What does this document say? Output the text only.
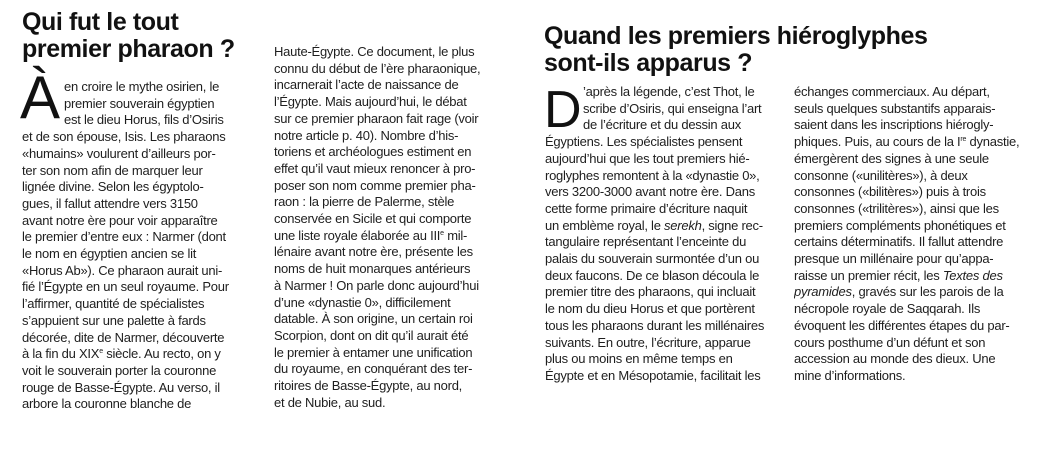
Qui fut le tout
premier pharaon ?
À en croire le mythe osirien, le
premier souverain égyptien
est le dieu Horus, fils d’Osiris
et de son épouse, Isis. Les pharaons
«humains» voulurent d’ailleurs por-
ter son nom afin de marquer leur
lignée divine. Selon les égyptolo-
gues, il fallut attendre vers 3150
avant notre ère pour voir apparaître
le premier d’entre eux : Narmer (dont
le nom en égyptien ancien se lit
«Horus Ab»). Ce pharaon aurait uni-
fié l’Égypte en un seul royaume. Pour
l’affirmer, quantité de spécialistes
s’appuient sur une palette à fards
décorée, dite de Narmer, découverte
à la fin du XIXe siècle. Au recto, on y
voit le souverain porter la couronne
rouge de Basse-Égypte. Au verso, il
arbore la couronne blanche de

Haute-Égypte. Ce document, le plus
connu du début de l’ère pharaonique,
incarnerait l’acte de naissance de
l’Égypte. Mais aujourd’hui, le débat
sur ce premier pharaon fait rage (voir
notre article p. 40). Nombre d’his-
toriens et archéologues estiment en
effet qu’il vaut mieux renoncer à pro-
poser son nom comme premier pha-
raon : la pierre de Palerme, stèle
conservée en Sicile et qui comporte
une liste royale élaborée au IIIe mil-
lénaire avant notre ère, présente les
noms de huit monarques antérieurs
à Narmer ! On parle donc aujourd’hui
d’une «dynastie 0», difficilement
datable. À son origine, un certain roi
Scorpion, dont on dit qu’il aurait été
le premier à entamer une unification
du royaume, en conquérant des ter-
ritoires de Basse-Égypte, au nord,
et de Nubie, au sud.

Quand les premiers hiéroglyphes
sont-ils apparus ?
D ’après la légende, c’est Thot, le
scribe d’Osiris, qui enseigna l’art
de l’écriture et du dessin aux
Égyptiens. Les spécialistes pensent
aujourd’hui que les tout premiers hié-
roglyphes remontent à la «dynastie 0»,
vers 3200-3000 avant notre ère. Dans
cette forme primaire d’écriture naquit
un emblème royal, le serekh, signe rec-
tangulaire représentant l’enceinte du
palais du souverain surmontée d’un ou
deux faucons. De ce blason découla le
premier titre des pharaons, qui incluait
le nom du dieu Horus et que portèrent
tous les pharaons durant les millénaires
suivants. En outre, l’écriture, apparue
plus ou moins en même temps en
Égypte et en Mésopotamie, facilitait les

échanges commerciaux. Au départ,
seuls quelques substantifs apparais-
saient dans les inscriptions hiérogly-
phiques. Puis, au cours de la Ire dynastie,
émergèrent des signes à une seule
consonne («unilitères»), à deux
consonnes («bilitères») puis à trois
consonnes («trilitères»), ainsi que les
premiers compléments phonétiques et
certains déterminatifs. Il fallut attendre
presque un millénaire pour qu’appa-
raisse un premier récit, les Textes des
pyramides, gravés sur les parois de la
nécropole royale de Saqqarah. Ils
évoquent les différentes étapes du par-
cours posthume d’un défunt et son
accession au monde des dieux. Une
mine d’informations.
